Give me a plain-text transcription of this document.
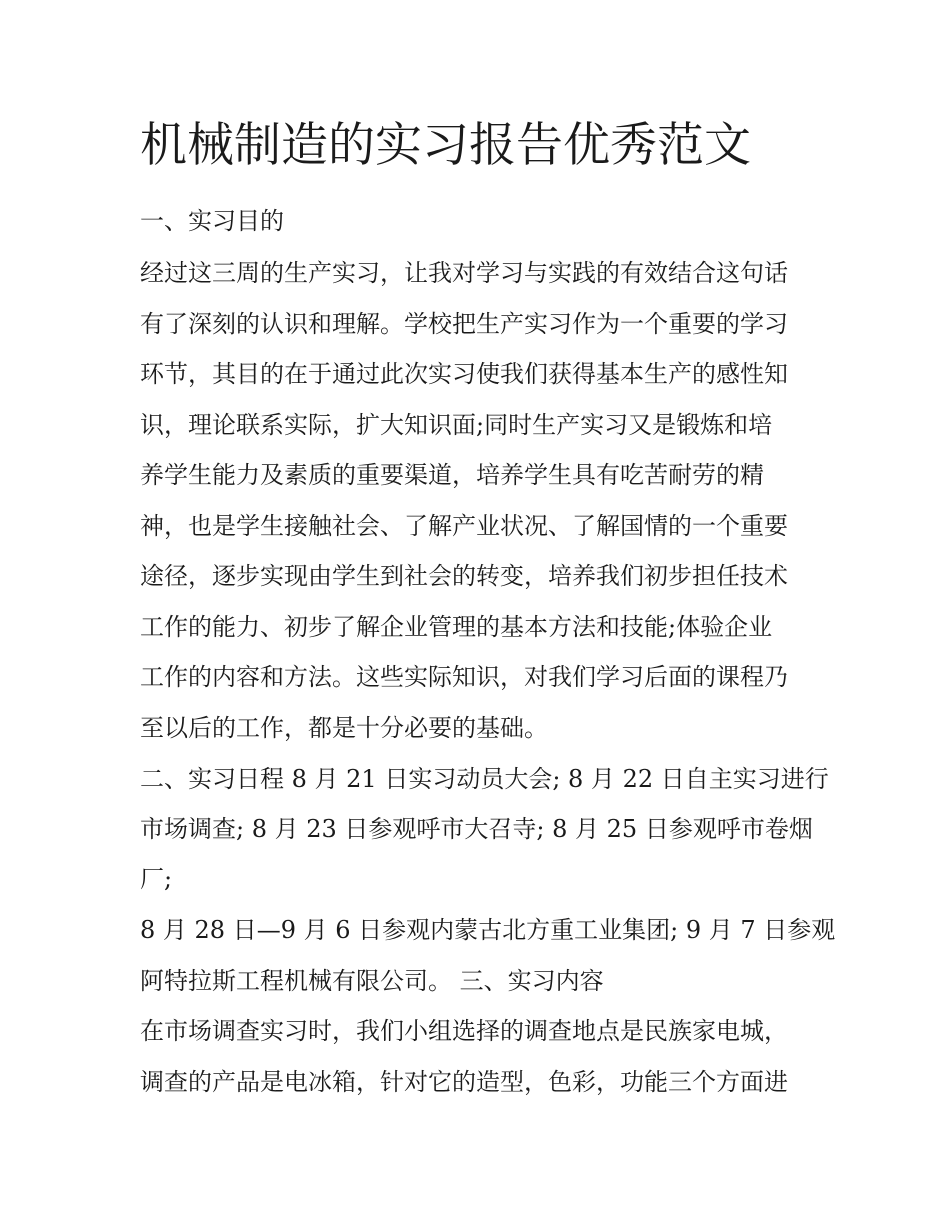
机械制造的实习报告优秀范文

一、实习目的

经过这三周的生产实习，让我对学习与实践的有效结合这句话

有了深刻的认识和理解。学校把生产实习作为一个重要的学习

环节，其目的在于通过此次实习使我们获得基本生产的感性知

识，理论联系实际，扩大知识面;同时生产实习又是锻炼和培

养学生能力及素质的重要渠道，培养学生具有吃苦耐劳的精

神，也是学生接触社会、了解产业状况、了解国情的一个重要

途径，逐步实现由学生到社会的转变，培养我们初步担任技术

工作的能力、初步了解企业管理的基本方法和技能;体验企业

工作的内容和方法。这些实际知识，对我们学习后面的课程乃

至以后的工作，都是十分必要的基础。

二、实习日程 8 月 21 日实习动员大会; 8 月 22 日自主实习进行

市场调查; 8 月 23 日参观呼市大召寺; 8 月 25 日参观呼市卷烟

厂;

8 月 28 日—9 月 6 日参观内蒙古北方重工业集团; 9 月 7 日参观

阿特拉斯工程机械有限公司。 三、实习内容

在市场调查实习时，我们小组选择的调查地点是民族家电城，

调查的产品是电冰箱，针对它的造型，色彩，功能三个方面进
